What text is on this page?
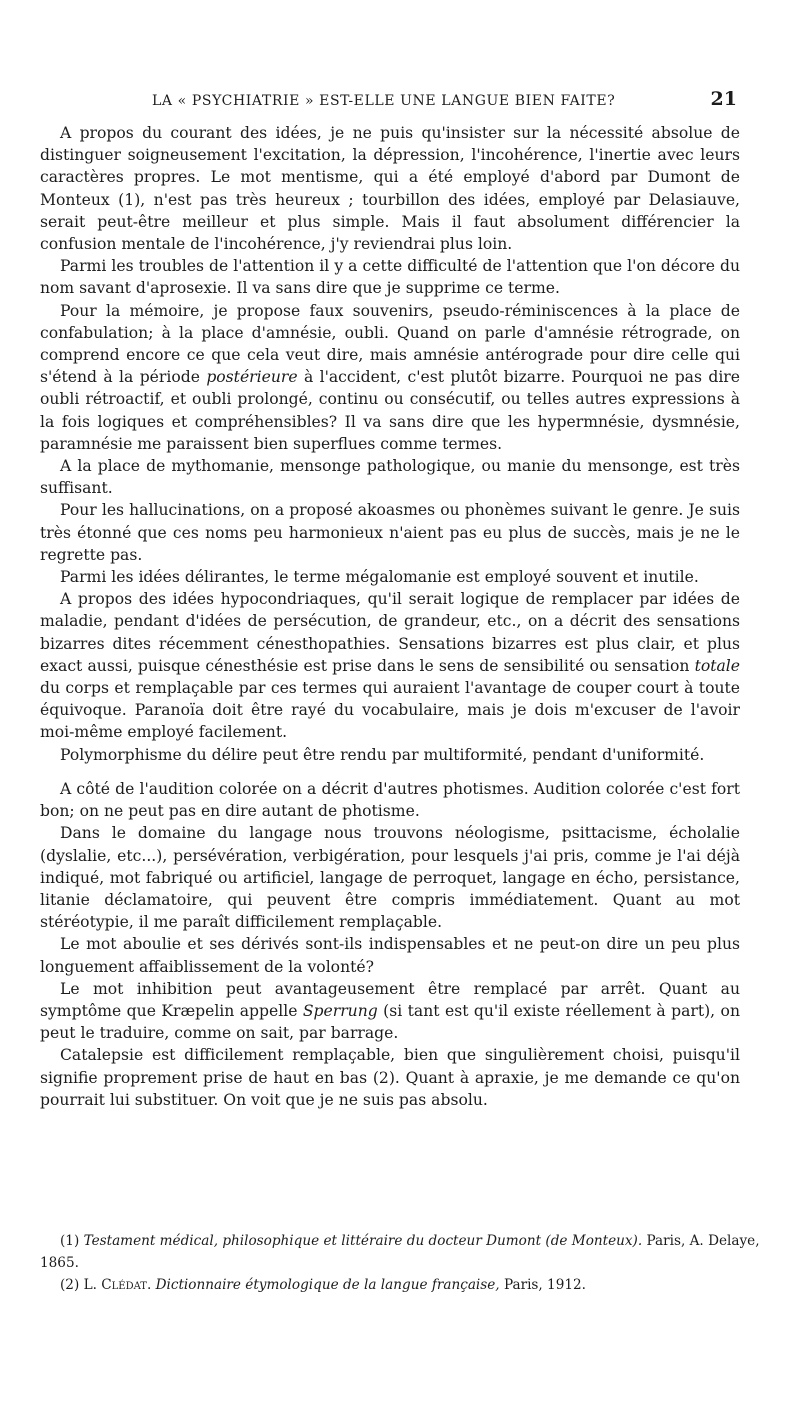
LA « PSYCHIATRIE » EST-ELLE UNE LANGUE BIEN FAITE?	21

A propos du courant des idées, je ne puis qu'insister sur la nécessité absolue de distinguer soigneusement l'excitation, la dépression, l'incohérence, l'inertie avec leurs caractères propres. Le mot mentisme, qui a été employé d'abord par Dumont de Monteux (1), n'est pas très heureux ; tourbillon des idées, employé par Delasiauve, serait peut-être meilleur et plus simple. Mais il faut absolument différencier la confusion mentale de l'incohérence, j'y reviendrai plus loin.

Parmi les troubles de l'attention il y a cette difficulté de l'attention que l'on décore du nom savant d'aprosexie. Il va sans dire que je supprime ce terme.

Pour la mémoire, je propose faux souvenirs, pseudo-réminiscences à la place de confabulation; à la place d'amnésie, oubli. Quand on parle d'amnésie rétrograde, on comprend encore ce que cela veut dire, mais amnésie antérograde pour dire celle qui s'étend à la période postérieure à l'accident, c'est plutôt bizarre. Pourquoi ne pas dire oubli rétroactif, et oubli prolongé, continu ou consécutif, ou telles autres expressions à la fois logiques et compréhensibles? Il va sans dire que les hypermnésie, dysmnésie, paramnésie me paraissent bien superflues comme termes.

A la place de mythomanie, mensonge pathologique, ou manie du mensonge, est très suffisant.

Pour les hallucinations, on a proposé akoasmes ou phonèmes suivant le genre. Je suis très étonné que ces noms peu harmonieux n'aient pas eu plus de succès, mais je ne le regrette pas.

Parmi les idées délirantes, le terme mégalomanie est employé souvent et inutile.

A propos des idées hypocondriaques, qu'il serait logique de remplacer par idées de maladie, pendant d'idées de persécution, de grandeur, etc., on a décrit des sensations bizarres dites récemment cénesthopathies. Sensations bizarres est plus clair, et plus exact aussi, puisque cénesthésie est prise dans le sens de sensibilité ou sensation totale du corps et remplaçable par ces termes qui auraient l'avantage de couper court à toute équivoque. Paranoïa doit être rayé du vocabulaire, mais je dois m'excuser de l'avoir moi-même employé facilement.

Polymorphisme du délire peut être rendu par multiformité, pendant d'uniformité.

A côté de l'audition colorée on a décrit d'autres photismes. Audition colorée c'est fort bon; on ne peut pas en dire autant de photisme.

Dans le domaine du langage nous trouvons néologisme, psittacisme, écholalie (dyslalie, etc...), persévération, verbigération, pour lesquels j'ai pris, comme je l'ai déjà indiqué, mot fabriqué ou artificiel, langage de perroquet, langage en écho, persistance, litanie déclamatoire, qui peuvent être compris immédiatement. Quant au mot stéréotypie, il me paraît difficilement remplaçable.

Le mot aboulie et ses dérivés sont-ils indispensables et ne peut-on dire un peu plus longuement affaiblissement de la volonté?

Le mot inhibition peut avantageusement être remplacé par arrêt. Quant au symptôme que Kræpelin appelle Sperrung (si tant est qu'il existe réellement à part), on peut le traduire, comme on sait, par barrage.

Catalepsie est difficilement remplaçable, bien que singulièrement choisi, puisqu'il signifie proprement prise de haut en bas (2). Quant à apraxie, je me demande ce qu'on pourrait lui substituer. On voit que je ne suis pas absolu.

(1) Testament médical, philosophique et littéraire du docteur Dumont (de Monteux). Paris, A. Delaye, 1865.

(2) L. Clédat. Dictionnaire étymologique de la langue française, Paris, 1912.
